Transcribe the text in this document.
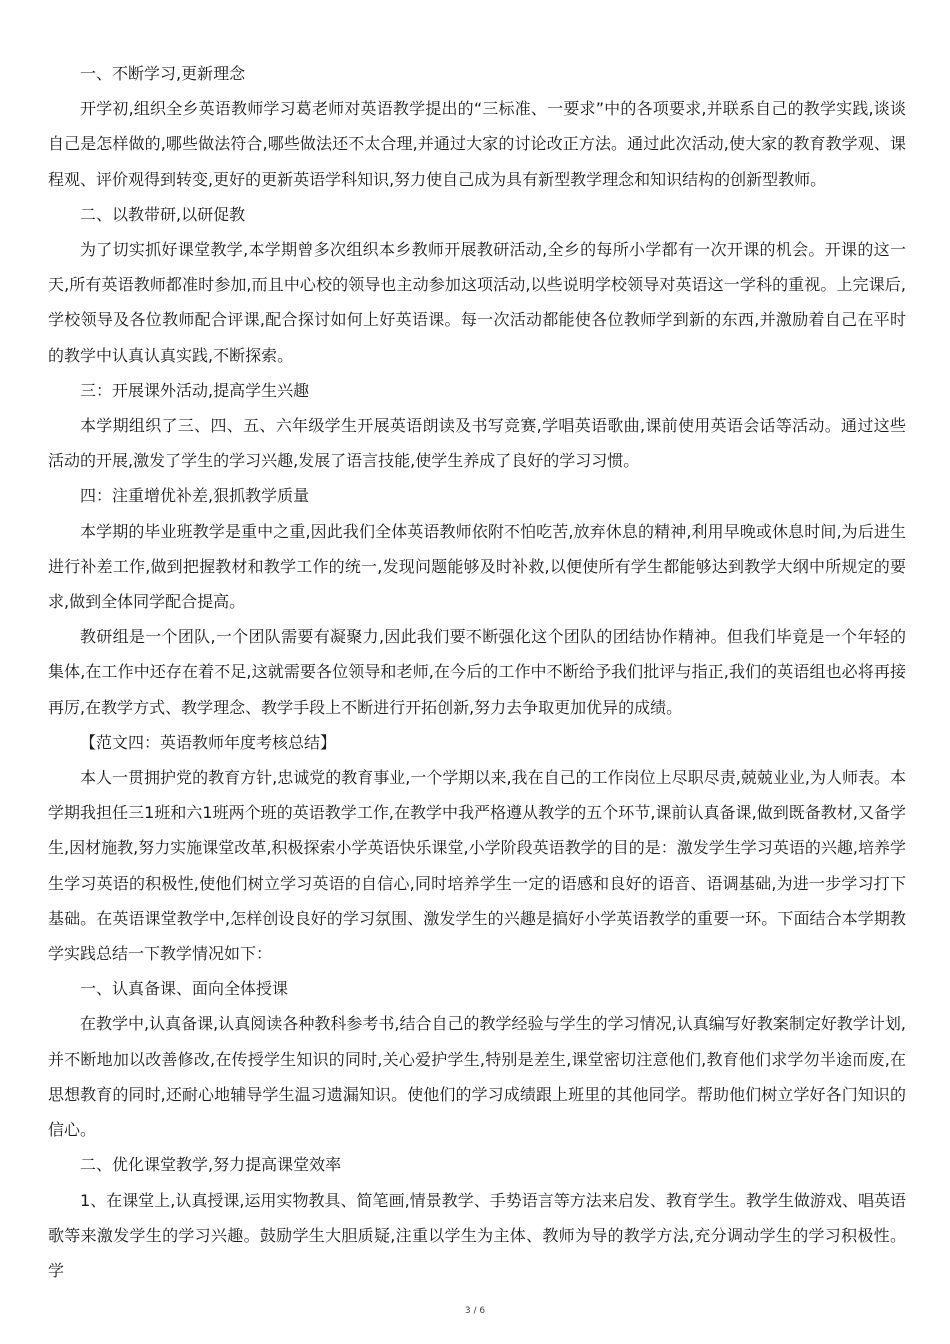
一、不断学习,更新理念

开学初,组织全乡英语教师学习葛老师对英语教学提出的“三标准、一要求”中的各项要求,并联系自己的教学实践,谈谈自己是怎样做的,哪些做法符合,哪些做法还不太合理,并通过大家的讨论改正方法。通过此次活动,使大家的教育教学观、课程观、评价观得到转变,更好的更新英语学科知识,努力使自己成为具有新型教学理念和知识结构的创新型教师。

二、以教带研,以研促教

为了切实抓好课堂教学,本学期曾多次组织本乡教师开展教研活动,全乡的每所小学都有一次开课的机会。开课的这一天,所有英语教师都准时参加,而且中心校的领导也主动参加这项活动,以些说明学校领导对英语这一学科的重视。上完课后,学校领导及各位教师配合评课,配合探讨如何上好英语课。每一次活动都能使各位教师学到新的东西,并激励着自己在平时的教学中认真认真实践,不断探索。

三：开展课外活动,提高学生兴趣

本学期组织了三、四、五、六年级学生开展英语朗读及书写竞赛,学唱英语歌曲,课前使用英语会话等活动。通过这些活动的开展,激发了学生的学习兴趣,发展了语言技能,使学生养成了良好的学习习惯。

四：注重增优补差,狠抓教学质量

本学期的毕业班教学是重中之重,因此我们全体英语教师依附不怕吃苦,放弃休息的精神,利用早晚或休息时间,为后进生进行补差工作,做到把握教材和教学工作的统一,发现问题能够及时补救,以便使所有学生都能够达到教学大纲中所规定的要求,做到全体同学配合提高。

教研组是一个团队,一个团队需要有凝聚力,因此我们要不断强化这个团队的团结协作精神。但我们毕竟是一个年轻的集体,在工作中还存在着不足,这就需要各位领导和老师,在今后的工作中不断给予我们批评与指正,我们的英语组也必将再接再厉,在教学方式、教学理念、教学手段上不断进行开拓创新,努力去争取更加优异的成绩。

【范文四：英语教师年度考核总结】

本人一贯拥护党的教育方针,忠诚党的教育事业,一个学期以来,我在自己的工作岗位上尽职尽责,兢兢业业,为人师表。本学期我担任三1班和六1班两个班的英语教学工作,在教学中我严格遵从教学的五个环节,课前认真备课,做到既备教材,又备学生,因材施教,努力实施课堂改革,积极探索小学英语快乐课堂,小学阶段英语教学的目的是：激发学生学习英语的兴趣,培养学生学习英语的积极性,使他们树立学习英语的自信心,同时培养学生一定的语感和良好的语音、语调基础,为进一步学习打下基础。在英语课堂教学中,怎样创设良好的学习氛围、激发学生的兴趣是搞好小学英语教学的重要一环。下面结合本学期教学实践总结一下教学情况如下：

一、认真备课、面向全体授课

在教学中,认真备课,认真阅读各种教科参考书,结合自己的教学经验与学生的学习情况,认真编写好教案制定好教学计划,并不断地加以改善修改,在传授学生知识的同时,关心爱护学生,特别是差生,课堂密切注意他们,教育他们求学勿半途而废,在思想教育的同时,还耐心地辅导学生温习遗漏知识。使他们的学习成绩跟上班里的其他同学。帮助他们树立学好各门知识的信心。

二、优化课堂教学,努力提高课堂效率

1、在课堂上,认真授课,运用实物教具、简笔画,情景教学、手势语言等方法来启发、教育学生。教学生做游戏、唱英语歌等来激发学生的学习兴趣。鼓励学生大胆质疑,注重以学生为主体、教师为导的教学方法,充分调动学生的学习积极性。学

3 / 6
